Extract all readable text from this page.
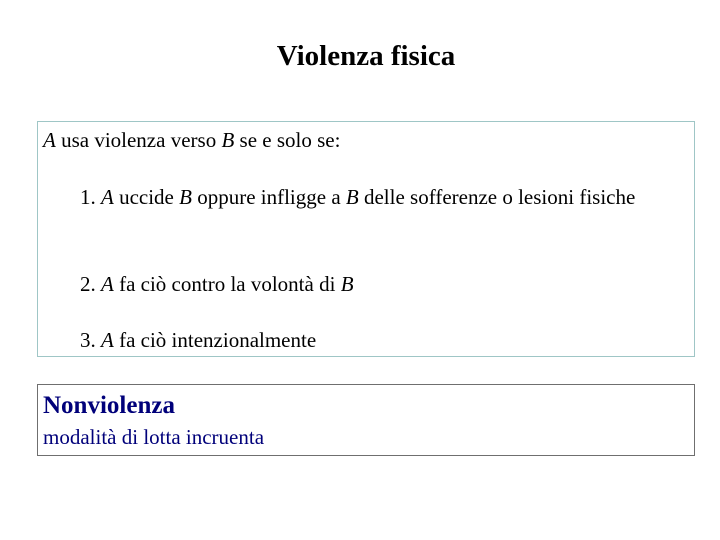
Violenza fisica
A usa violenza verso B se e solo se:
1. A uccide B oppure infligge a B delle sofferenze o lesioni fisiche
2. A fa ciò contro la volontà di B
3. A fa ciò intenzionalmente
Nonviolenza
modalità di lotta incruenta
